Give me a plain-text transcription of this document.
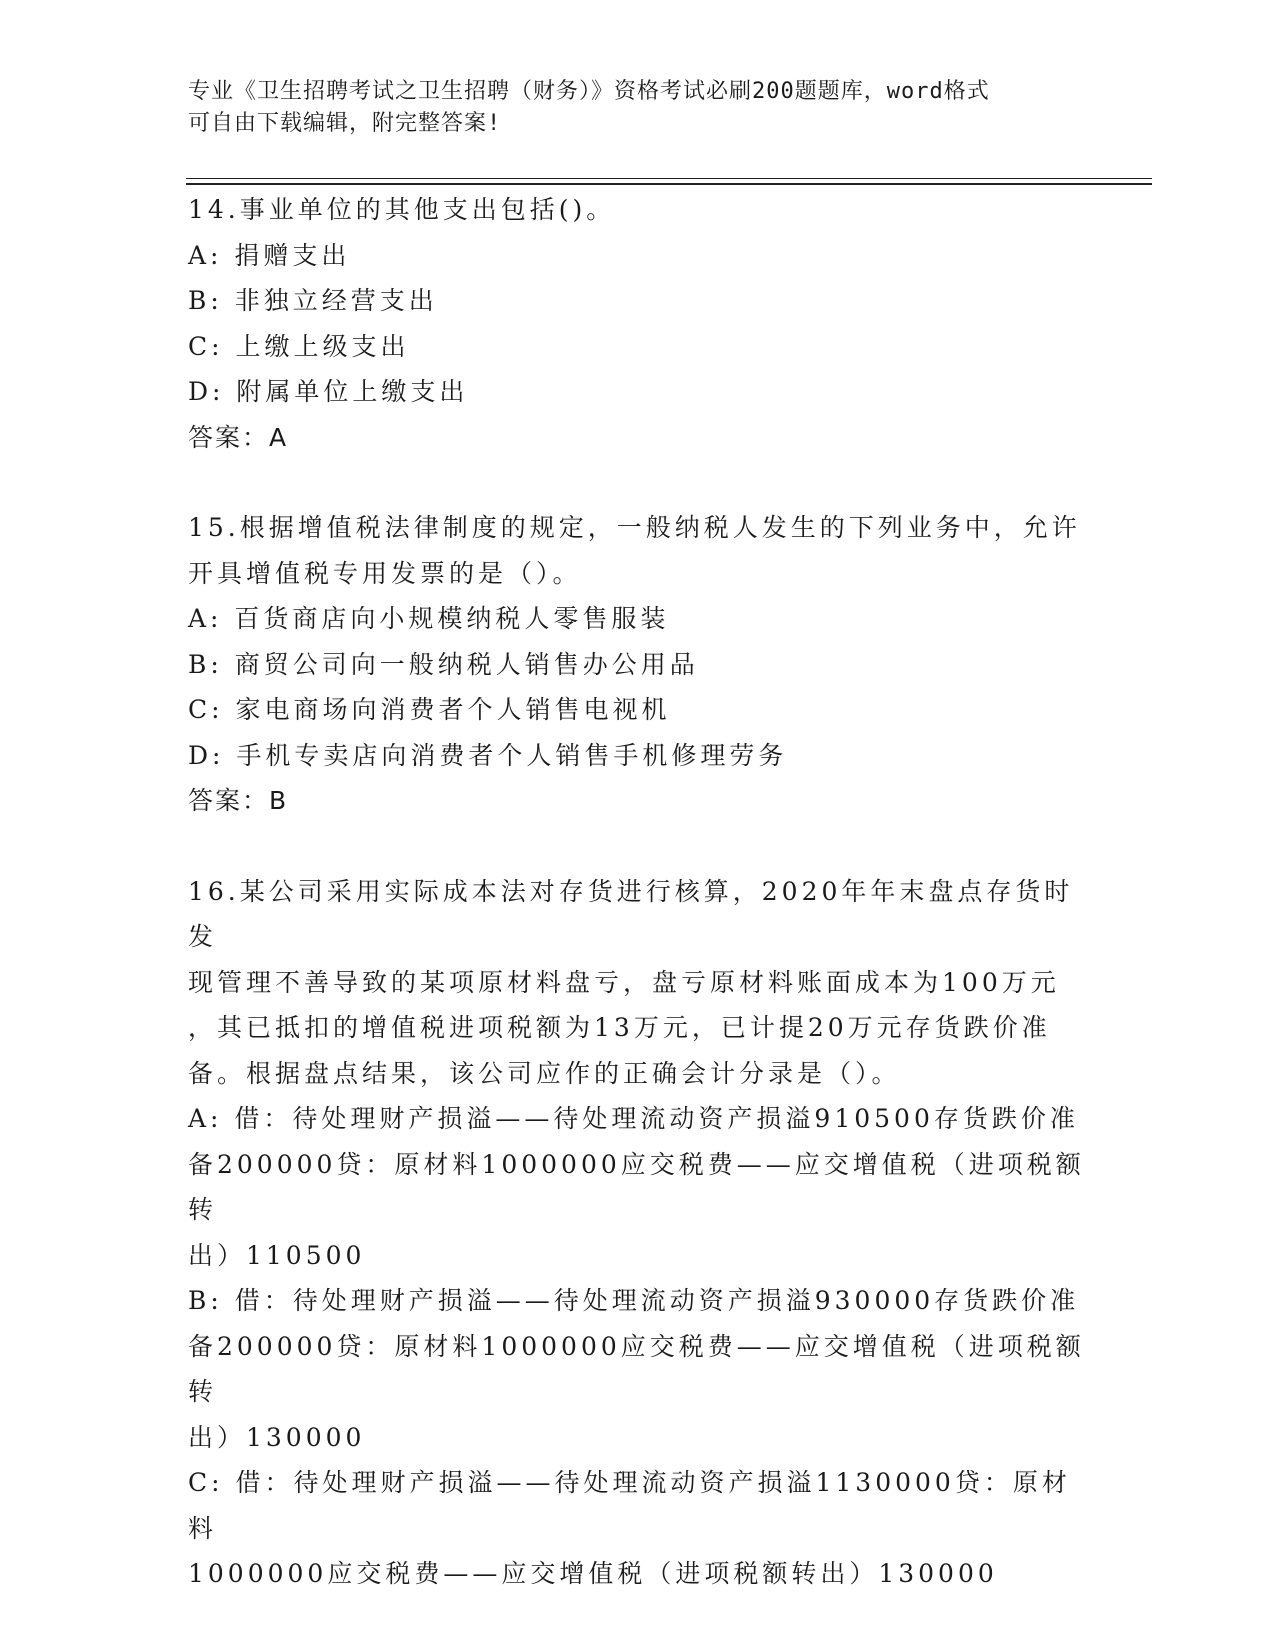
专业《卫生招聘考试之卫生招聘（财务）》资格考试必刷200题题库，word格式
可自由下载编辑，附完整答案!
14.事业单位的其他支出包括()。
A: 捐赠支出
B: 非独立经营支出
C: 上缴上级支出
D: 附属单位上缴支出
答案：A
15.根据增值税法律制度的规定，一般纳税人发生的下列业务中，允许
开具增值税专用发票的是（）。
A: 百货商店向小规模纳税人零售服装
B: 商贸公司向一般纳税人销售办公用品
C: 家电商场向消费者个人销售电视机
D: 手机专卖店向消费者个人销售手机修理劳务
答案：B
16.某公司采用实际成本法对存货进行核算，2020年年末盘点存货时发
现管理不善导致的某项原材料盘亏，盘亏原材料账面成本为100万元
，其已抵扣的增值税进项税额为13万元，已计提20万元存货跌价准
备。根据盘点结果，该公司应作的正确会计分录是（）。
A: 借：待处理财产损溢——待处理流动资产损溢910500存货跌价准
备200000贷：原材料1000000应交税费——应交增值税（进项税额转
出）110500
B: 借：待处理财产损溢——待处理流动资产损溢930000存货跌价准
备200000贷：原材料1000000应交税费——应交增值税（进项税额转
出）130000
C: 借：待处理财产损溢——待处理流动资产损溢1130000贷：原材料
1000000应交税费——应交增值税（进项税额转出）130000
